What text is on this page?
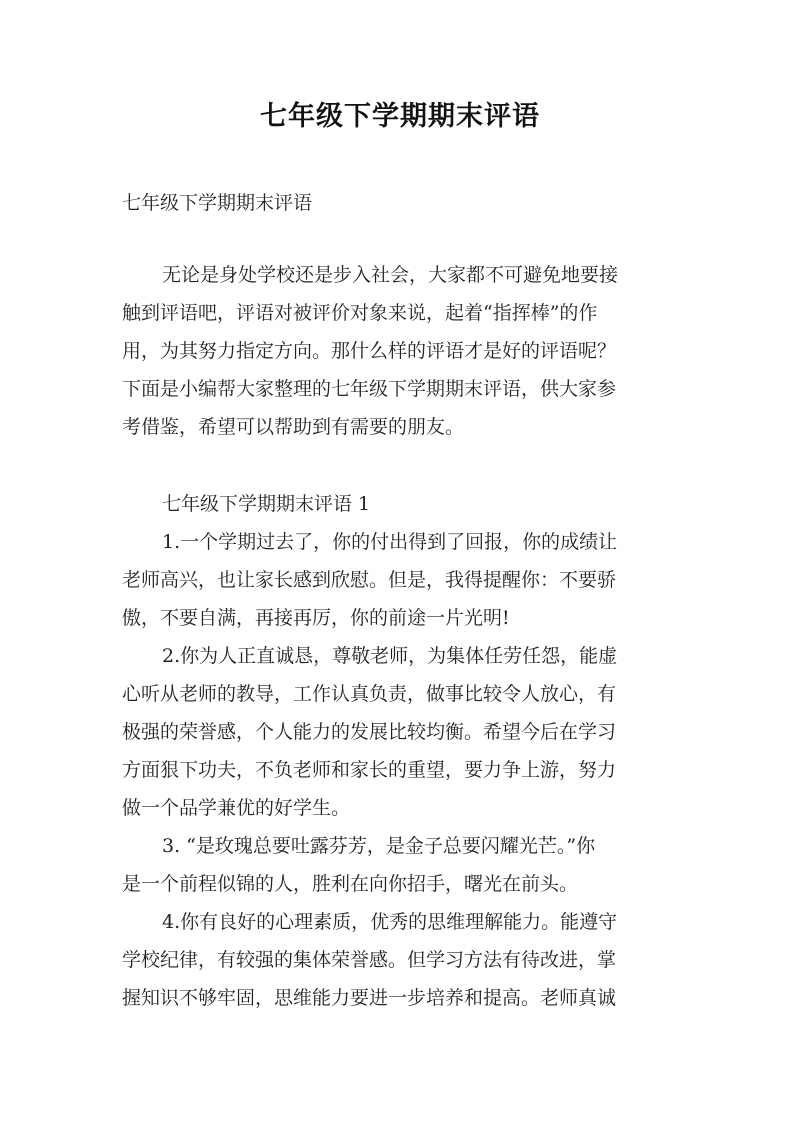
七年级下学期期末评语
七年级下学期期末评语
无论是身处学校还是步入社会，大家都不可避免地要接
触到评语吧，评语对被评价对象来说，起着“指挥棒”的作
用，为其努力指定方向。那什么样的评语才是好的评语呢？
下面是小编帮大家整理的七年级下学期期末评语，供大家参
考借鉴，希望可以帮助到有需要的朋友。
七年级下学期期末评语 1
1.一个学期过去了，你的付出得到了回报，你的成绩让
老师高兴，也让家长感到欣慰。但是，我得提醒你：不要骄
傲，不要自满，再接再厉，你的前途一片光明!
2.你为人正直诚恳，尊敬老师，为集体任劳任怨，能虚
心听从老师的教导，工作认真负责，做事比较令人放心，有
极强的荣誉感，个人能力的发展比较均衡。希望今后在学习
方面狠下功夫，不负老师和家长的重望，要力争上游，努力
做一个品学兼优的好学生。
3. “是玫瑰总要吐露芬芳，是金子总要闪耀光芒。”你
是一个前程似锦的人，胜利在向你招手，曙光在前头。
4.你有良好的心理素质，优秀的思维理解能力。能遵守
学校纪律，有较强的集体荣誉感。但学习方法有待改进，掌
握知识不够牢固，思维能力要进一步培养和提高。老师真诚
